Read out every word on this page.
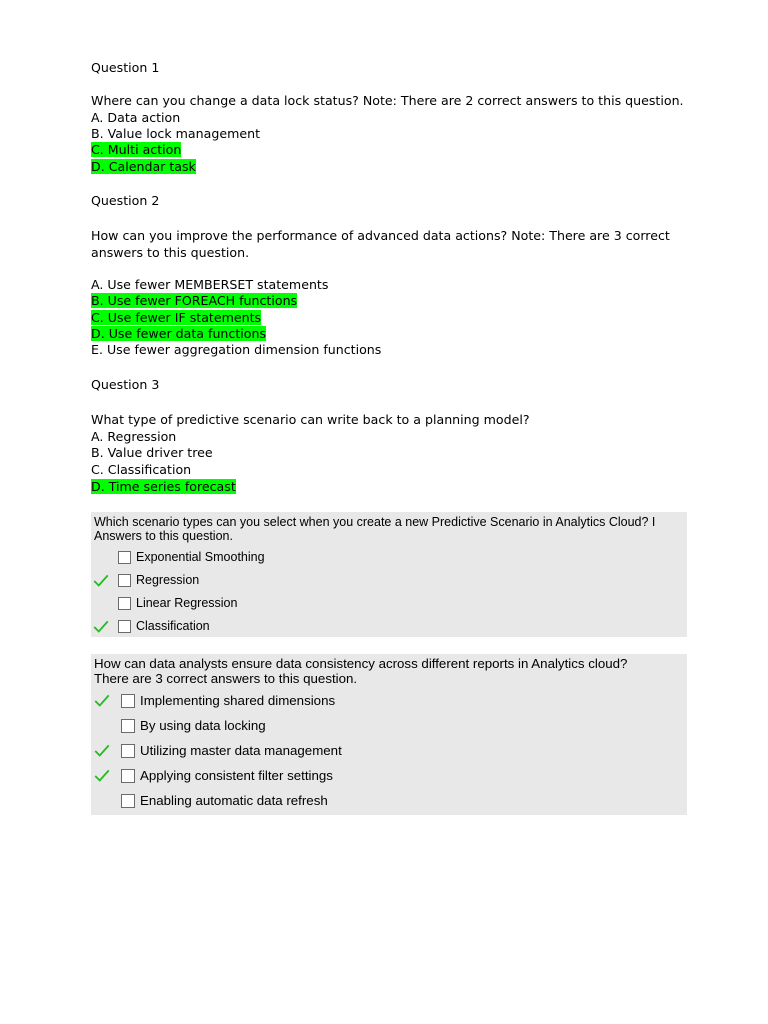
Question 1
Where can you change a data lock status? Note: There are 2 correct answers to this question.
A. Data action
B. Value lock management
C. Multi action
D. Calendar task
Question 2
How can you improve the performance of advanced data actions? Note: There are 3 correct answers to this question.
A. Use fewer MEMBERSET statements
B. Use fewer FOREACH functions
C. Use fewer IF statements
D. Use fewer data functions
E. Use fewer aggregation dimension functions
Question 3
What type of predictive scenario can write back to a planning model?
A. Regression
B. Value driver tree
C. Classification
D. Time series forecast
Which scenario types can you select when you create a new Predictive Scenario in Analytics Cloud? I
Answers to this question.
Exponential Smoothing
Regression
Linear Regression
Classification
How can data analysts ensure data consistency across different reports in Analytics cloud?
There are 3 correct answers to this question.
Implementing shared dimensions
By using data locking
Utilizing master data management
Applying consistent filter settings
Enabling automatic data refresh
